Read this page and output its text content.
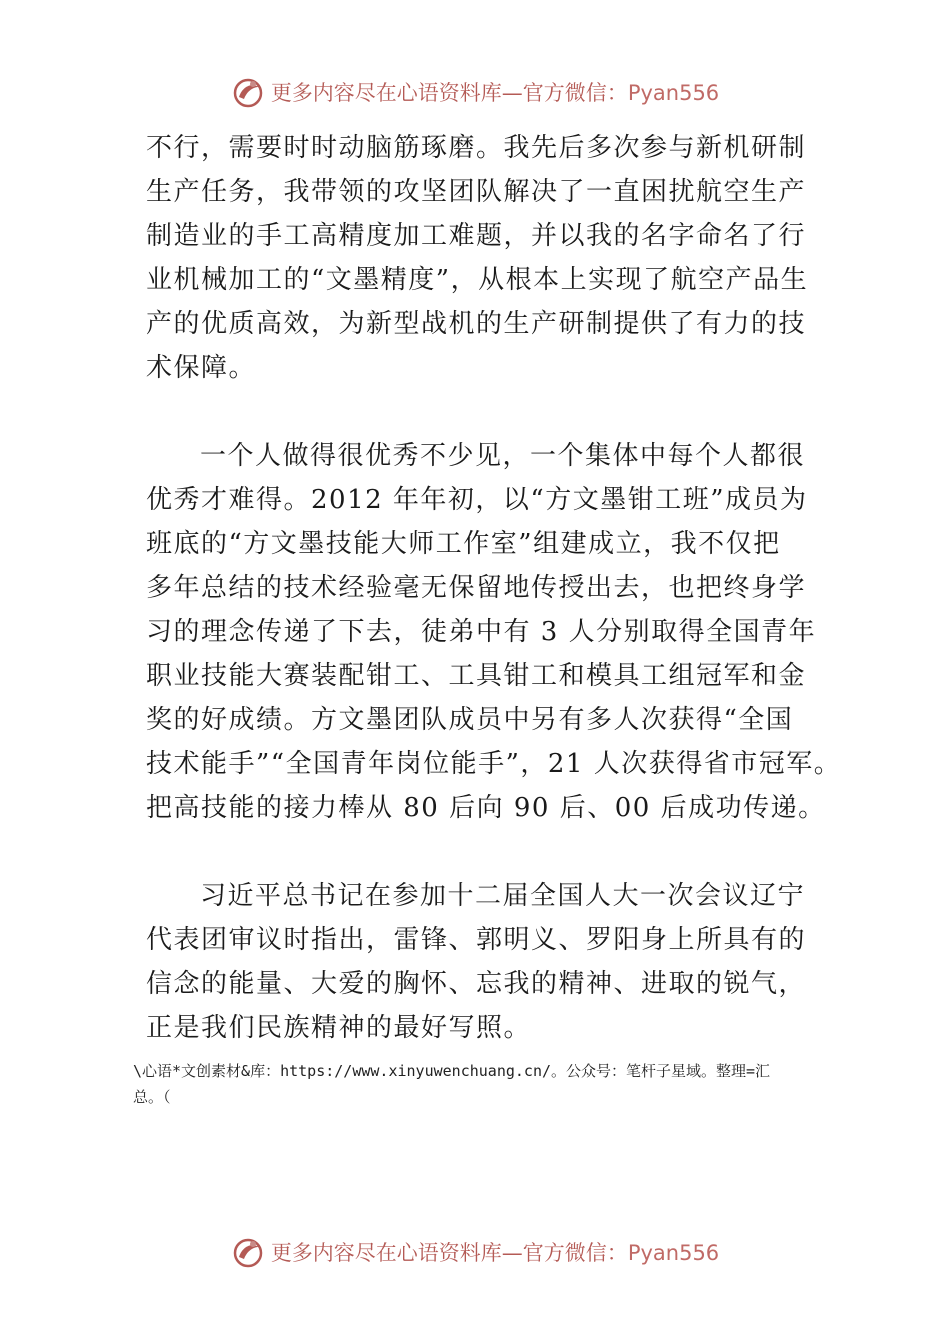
更多内容尽在心语资料库—官方微信：Pyan556

不行，需要时时动脑筋琢磨。我先后多次参与新机研制
生产任务，我带领的攻坚团队解决了一直困扰航空生产
制造业的手工高精度加工难题，并以我的名字命名了行
业机械加工的“文墨精度”，从根本上实现了航空产品生
产的优质高效，为新型战机的生产研制提供了有力的技
术保障。

一个人做得很优秀不少见，一个集体中每个人都很
优秀才难得。2012 年年初，以“方文墨钳工班”成员为
班底的“方文墨技能大师工作室”组建成立，我不仅把
多年总结的技术经验毫无保留地传授出去，也把终身学
习的理念传递了下去，徒弟中有 3 人分别取得全国青年
职业技能大赛装配钳工、工具钳工和模具工组冠军和金
奖的好成绩。方文墨团队成员中另有多人次获得“全国
技术能手”“全国青年岗位能手”，21 人次获得省市冠军。
把高技能的接力棒从 80 后向 90 后、00 后成功传递。

习近平总书记在参加十二届全国人大一次会议辽宁
代表团审议时指出，雷锋、郭明义、罗阳身上所具有的
信念的能量、大爱的胸怀、忘我的精神、进取的锐气，
正是我们民族精神的最好写照。

\心语*文创素材&库：https://www.xinyuwenchuang.cn/。公众号：笔杆子星域。整理=汇
总。（
更多内容尽在心语资料库—官方微信：Pyan556
